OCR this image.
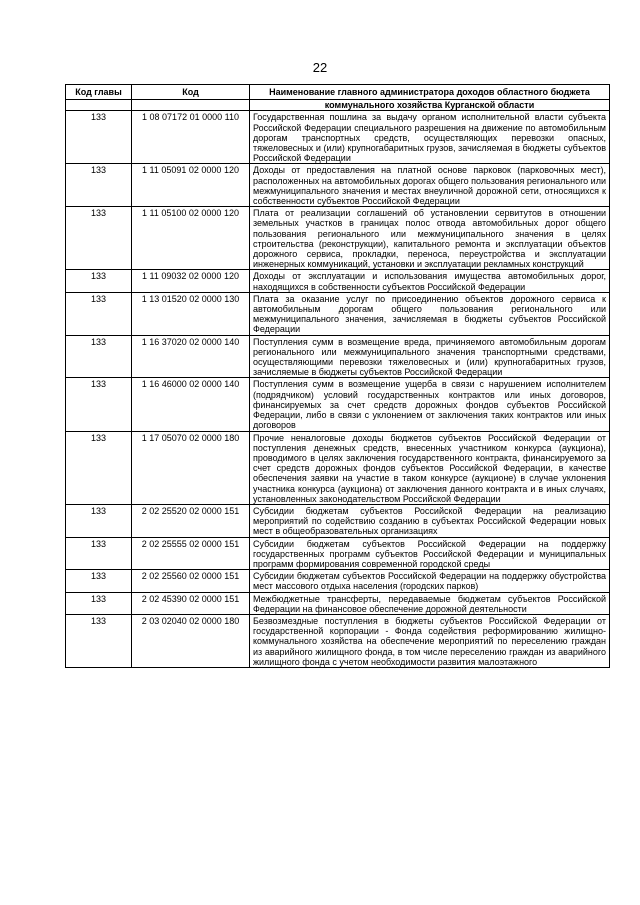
22
Код главы	Код	Наименование главного администратора доходов областного бюджета
		коммунального хозяйства Курганской области
133	1 08 07172 01 0000 110	Государственная пошлина за выдачу органом исполнительной власти субъекта Российской Федерации специального разрешения на движение по автомобильным дорогам транспортных средств, осуществляющих перевозки опасных, тяжеловесных и (или) крупногабаритных грузов, зачисляемая в бюджеты субъектов Российской Федерации
133	1 11 05091 02 0000 120	Доходы от предоставления на платной основе парковок (парковочных мест), расположенных на автомобильных дорогах общего пользования регионального или межмуниципального значения и местах внеуличной дорожной сети, относящихся к собственности субъектов Российской Федерации
133	1 11 05100 02 0000 120	Плата от реализации соглашений об установлении сервитутов в отношении земельных участков в границах полос отвода автомобильных дорог общего пользования регионального или межмуниципального значения в целях строительства (реконструкции), капитального ремонта и эксплуатации объектов дорожного сервиса, прокладки, переноса, переустройства и эксплуатации инженерных коммуникаций, установки и эксплуатации рекламных конструкций
133	1 11 09032 02 0000 120	Доходы от эксплуатации и использования имущества автомобильных дорог, находящихся в собственности субъектов Российской Федерации
133	1 13 01520 02 0000 130	Плата за оказание услуг по присоединению объектов дорожного сервиса к автомобильным дорогам общего пользования регионального или межмуниципального значения, зачисляемая в бюджеты субъектов Российской Федерации
133	1 16 37020 02 0000 140	Поступления сумм в возмещение вреда, причиняемого автомобильным дорогам регионального или межмуниципального значения транспортными средствами, осуществляющими перевозки тяжеловесных и (или) крупногабаритных грузов, зачисляемые в бюджеты субъектов Российской Федерации
133	1 16 46000 02 0000 140	Поступления сумм в возмещение ущерба в связи с нарушением исполнителем (подрядчиком) условий государственных контрактов или иных договоров, финансируемых за счет средств дорожных фондов субъектов Российской Федерации, либо в связи с уклонением от заключения таких контрактов или иных договоров
133	1 17 05070 02 0000 180	Прочие неналоговые доходы бюджетов субъектов Российской Федерации от поступления денежных средств, внесенных участником конкурса (аукциона), проводимого в целях заключения государственного контракта, финансируемого за счет средств дорожных фондов субъектов Российской Федерации, в качестве обеспечения заявки на участие в таком конкурсе (аукционе) в случае уклонения участника конкурса (аукциона) от заключения данного контракта и в иных случаях, установленных законодательством Российской Федерации
133	2 02 25520 02 0000 151	Субсидии бюджетам субъектов Российской Федерации на реализацию мероприятий по содействию созданию в субъектах Российской Федерации новых мест в общеобразовательных организациях
133	2 02 25555 02 0000 151	Субсидии бюджетам субъектов Российской Федерации на поддержку государственных программ субъектов Российской Федерации и муниципальных программ формирования современной городской среды
133	2 02 25560 02 0000 151	Субсидии бюджетам субъектов Российской Федерации на поддержку обустройства мест массового отдыха населения (городских парков)
133	2 02 45390 02 0000 151	Межбюджетные трансферты, передаваемые бюджетам субъектов Российской Федерации на финансовое обеспечение дорожной деятельности
133	2 03 02040 02 0000 180	Безвозмездные поступления в бюджеты субъектов Российской Федерации от государственной корпорации - Фонда содействия реформированию жилищно-коммунального хозяйства на обеспечение мероприятий по переселению граждан из аварийного жилищного фонда, в том числе переселению граждан из аварийного жилищного фонда с учетом необходимости развития малоэтажного
